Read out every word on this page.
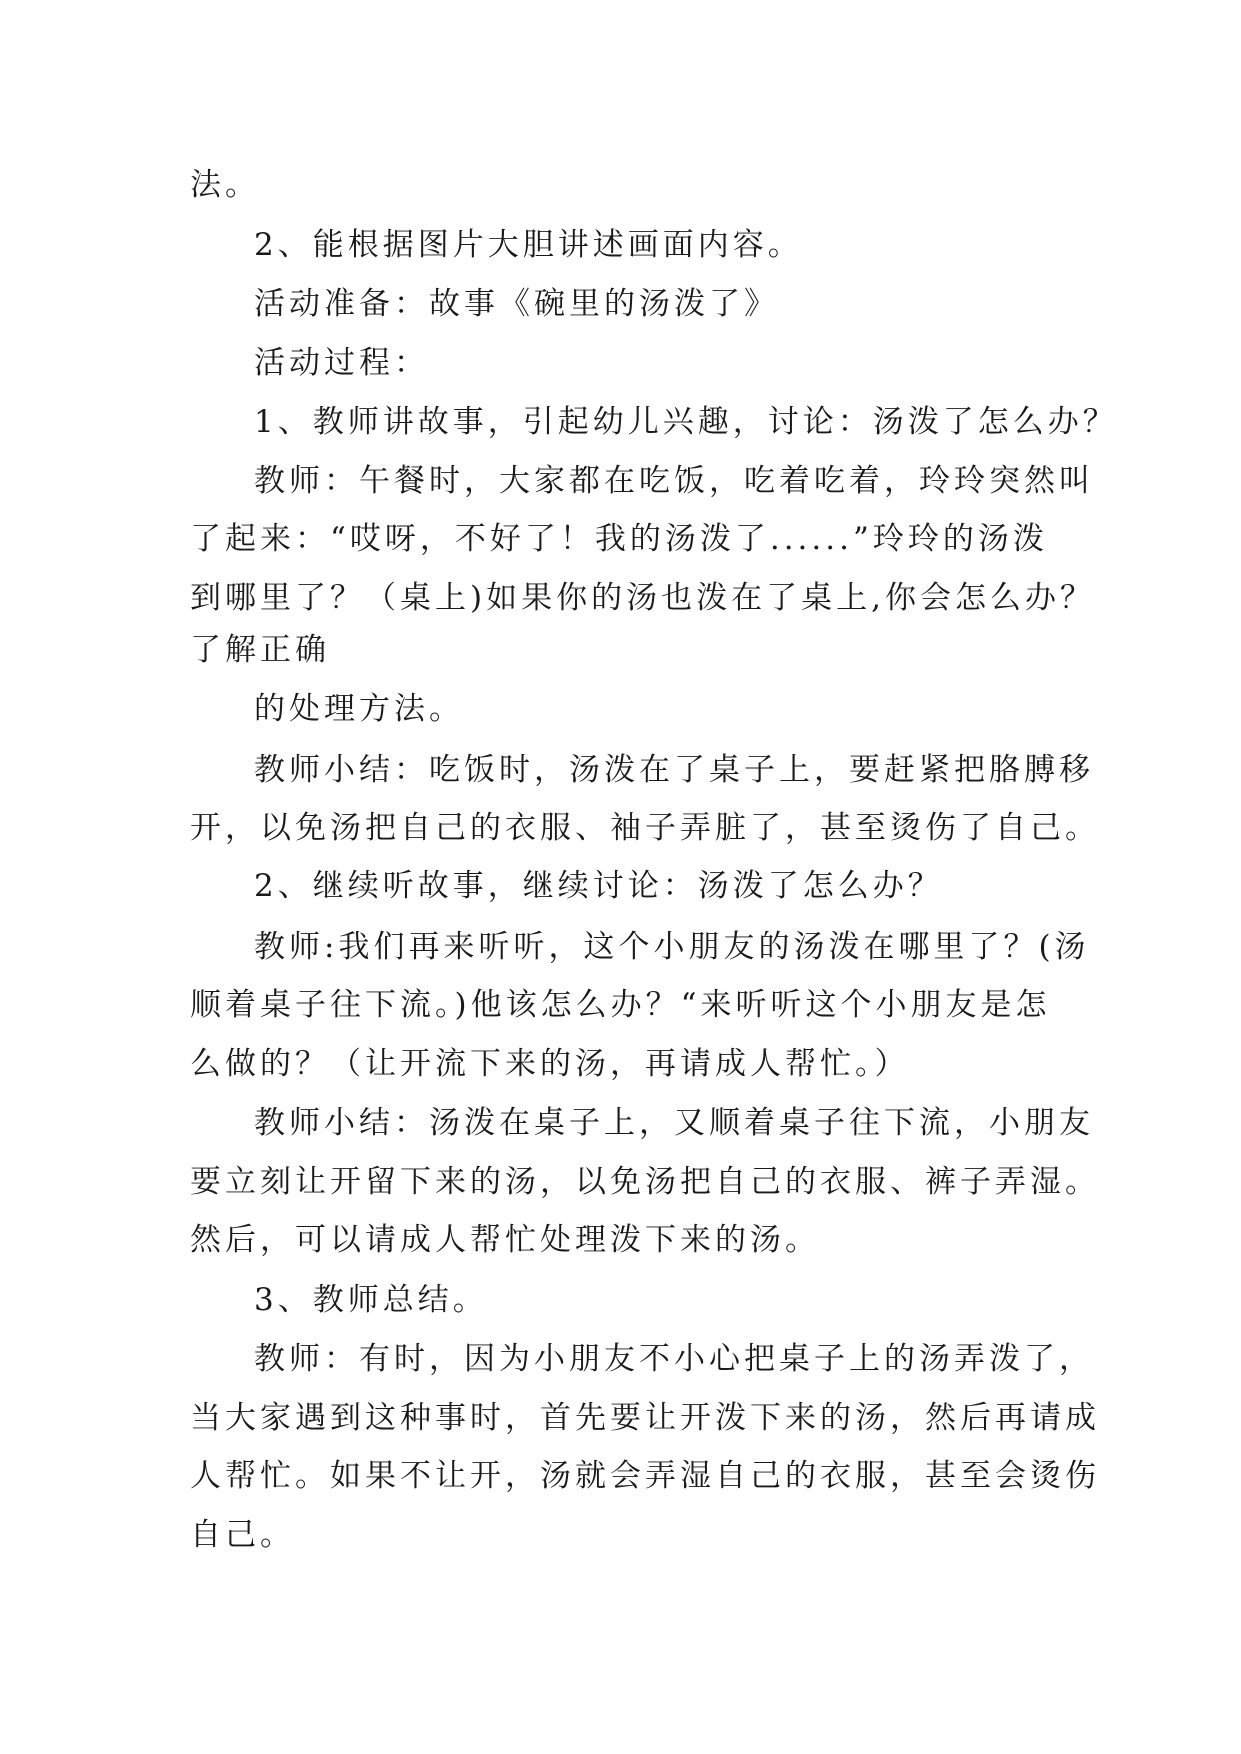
法。
2、能根据图片大胆讲述画面内容。
活动准备：故事《碗里的汤泼了》
活动过程：
1、教师讲故事，引起幼儿兴趣，讨论：汤泼了怎么办？
教师：午餐时，大家都在吃饭，吃着吃着，玲玲突然叫
了起来：“哎呀，不好了！我的汤泼了......”玲玲的汤泼
到哪里了？（桌上)如果你的汤也泼在了桌上,你会怎么办？
了解正确
的处理方法。
教师小结：吃饭时，汤泼在了桌子上，要赶紧把胳膊移
开，以免汤把自己的衣服、袖子弄脏了，甚至烫伤了自己。
2、继续听故事，继续讨论：汤泼了怎么办？
教师:我们再来听听，这个小朋友的汤泼在哪里了？(汤
顺着桌子往下流。)他该怎么办？“来听听这个小朋友是怎
么做的？（让开流下来的汤，再请成人帮忙。）
教师小结：汤泼在桌子上，又顺着桌子往下流，小朋友
要立刻让开留下来的汤，以免汤把自己的衣服、裤子弄湿。
然后，可以请成人帮忙处理泼下来的汤。
3、教师总结。
教师：有时，因为小朋友不小心把桌子上的汤弄泼了，
当大家遇到这种事时，首先要让开泼下来的汤，然后再请成
人帮忙。如果不让开，汤就会弄湿自己的衣服，甚至会烫伤
自己。
